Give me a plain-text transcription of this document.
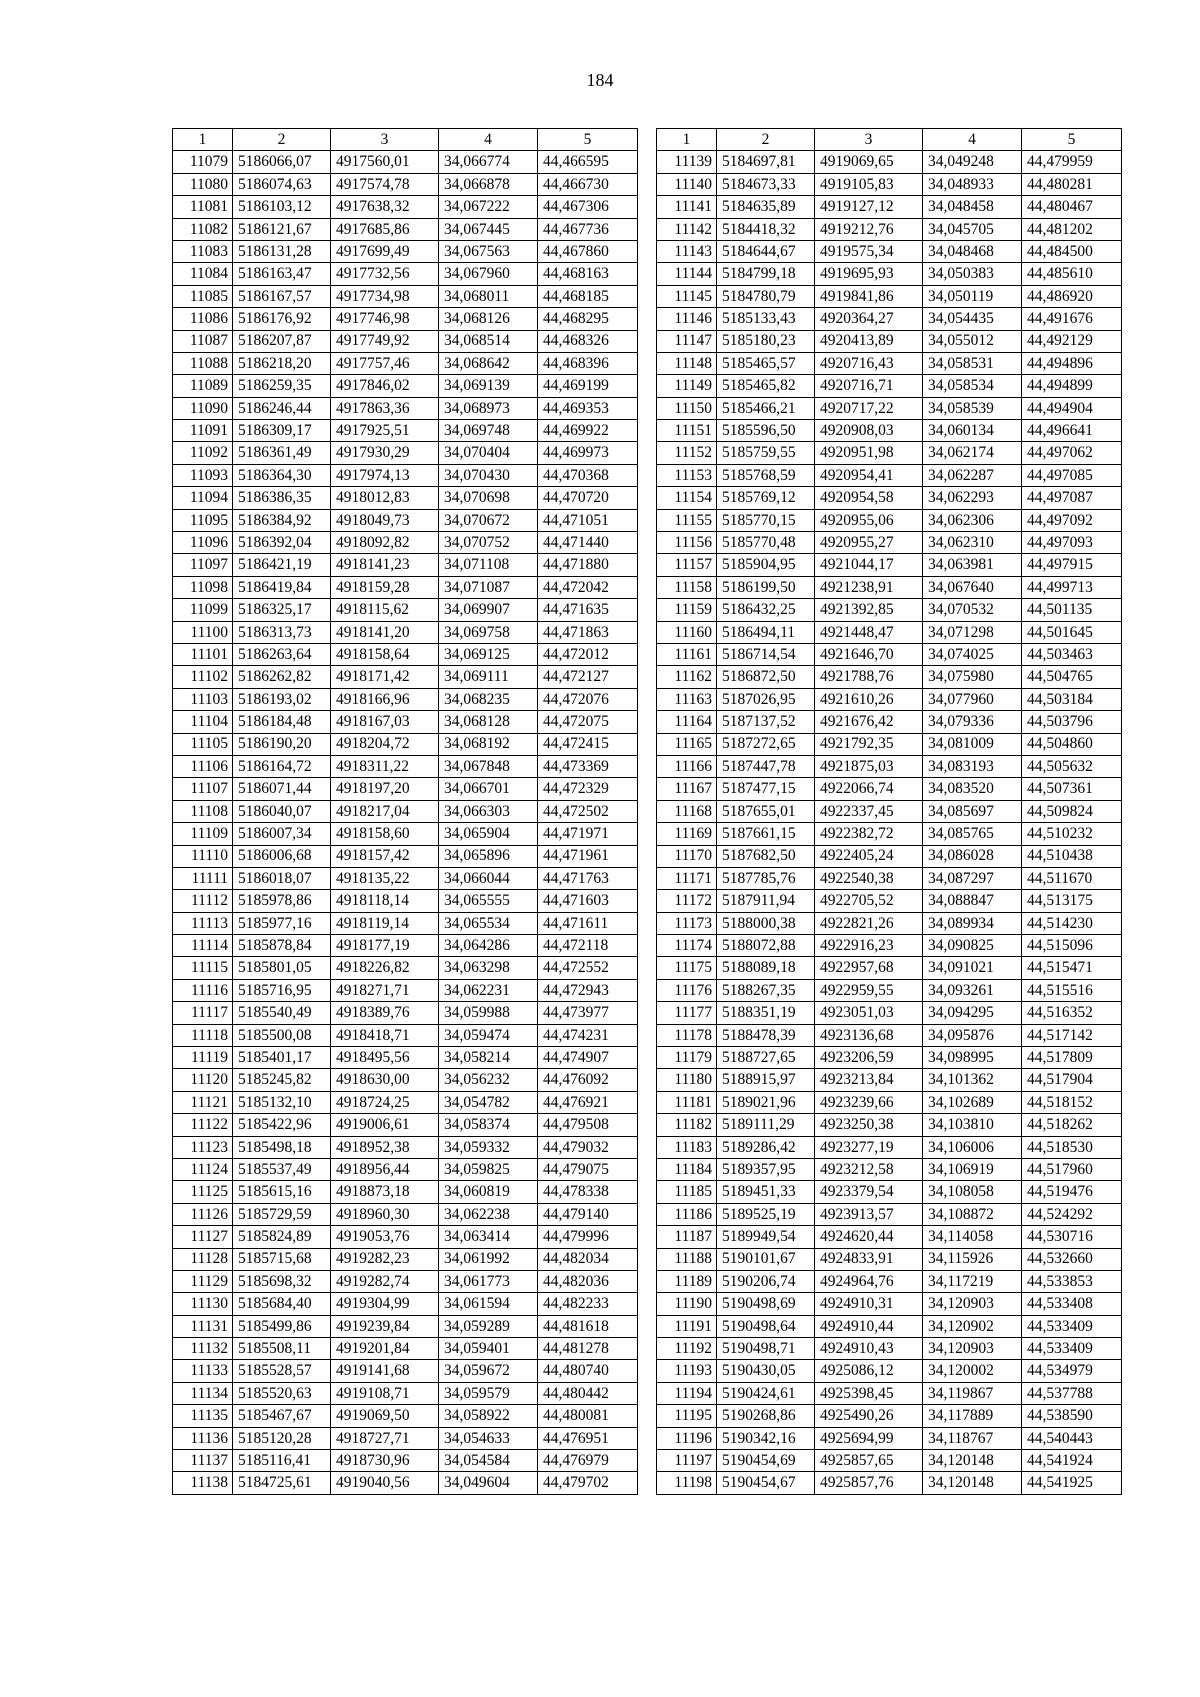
184
1	2	3	4	5
11079	5186066,07	4917560,01	34,066774	44,466595
11080	5186074,63	4917574,78	34,066878	44,466730
11081	5186103,12	4917638,32	34,067222	44,467306
11082	5186121,67	4917685,86	34,067445	44,467736
11083	5186131,28	4917699,49	34,067563	44,467860
11084	5186163,47	4917732,56	34,067960	44,468163
11085	5186167,57	4917734,98	34,068011	44,468185
11086	5186176,92	4917746,98	34,068126	44,468295
11087	5186207,87	4917749,92	34,068514	44,468326
11088	5186218,20	4917757,46	34,068642	44,468396
11089	5186259,35	4917846,02	34,069139	44,469199
11090	5186246,44	4917863,36	34,068973	44,469353
11091	5186309,17	4917925,51	34,069748	44,469922
11092	5186361,49	4917930,29	34,070404	44,469973
11093	5186364,30	4917974,13	34,070430	44,470368
11094	5186386,35	4918012,83	34,070698	44,470720
11095	5186384,92	4918049,73	34,070672	44,471051
11096	5186392,04	4918092,82	34,070752	44,471440
11097	5186421,19	4918141,23	34,071108	44,471880
11098	5186419,84	4918159,28	34,071087	44,472042
11099	5186325,17	4918115,62	34,069907	44,471635
11100	5186313,73	4918141,20	34,069758	44,471863
11101	5186263,64	4918158,64	34,069125	44,472012
11102	5186262,82	4918171,42	34,069111	44,472127
11103	5186193,02	4918166,96	34,068235	44,472076
11104	5186184,48	4918167,03	34,068128	44,472075
11105	5186190,20	4918204,72	34,068192	44,472415
11106	5186164,72	4918311,22	34,067848	44,473369
11107	5186071,44	4918197,20	34,066701	44,472329
11108	5186040,07	4918217,04	34,066303	44,472502
11109	5186007,34	4918158,60	34,065904	44,471971
11110	5186006,68	4918157,42	34,065896	44,471961
11111	5186018,07	4918135,22	34,066044	44,471763
11112	5185978,86	4918118,14	34,065555	44,471603
11113	5185977,16	4918119,14	34,065534	44,471611
11114	5185878,84	4918177,19	34,064286	44,472118
11115	5185801,05	4918226,82	34,063298	44,472552
11116	5185716,95	4918271,71	34,062231	44,472943
11117	5185540,49	4918389,76	34,059988	44,473977
11118	5185500,08	4918418,71	34,059474	44,474231
11119	5185401,17	4918495,56	34,058214	44,474907
11120	5185245,82	4918630,00	34,056232	44,476092
11121	5185132,10	4918724,25	34,054782	44,476921
11122	5185422,96	4919006,61	34,058374	44,479508
11123	5185498,18	4918952,38	34,059332	44,479032
11124	5185537,49	4918956,44	34,059825	44,479075
11125	5185615,16	4918873,18	34,060819	44,478338
11126	5185729,59	4918960,30	34,062238	44,479140
11127	5185824,89	4919053,76	34,063414	44,479996
11128	5185715,68	4919282,23	34,061992	44,482034
11129	5185698,32	4919282,74	34,061773	44,482036
11130	5185684,40	4919304,99	34,061594	44,482233
11131	5185499,86	4919239,84	34,059289	44,481618
11132	5185508,11	4919201,84	34,059401	44,481278
11133	5185528,57	4919141,68	34,059672	44,480740
11134	5185520,63	4919108,71	34,059579	44,480442
11135	5185467,67	4919069,50	34,058922	44,480081
11136	5185120,28	4918727,71	34,054633	44,476951
11137	5185116,41	4918730,96	34,054584	44,476979
11138	5184725,61	4919040,56	34,049604	44,479702
1	2	3	4	5
11139	5184697,81	4919069,65	34,049248	44,479959
11140	5184673,33	4919105,83	34,048933	44,480281
11141	5184635,89	4919127,12	34,048458	44,480467
11142	5184418,32	4919212,76	34,045705	44,481202
11143	5184644,67	4919575,34	34,048468	44,484500
11144	5184799,18	4919695,93	34,050383	44,485610
11145	5184780,79	4919841,86	34,050119	44,486920
11146	5185133,43	4920364,27	34,054435	44,491676
11147	5185180,23	4920413,89	34,055012	44,492129
11148	5185465,57	4920716,43	34,058531	44,494896
11149	5185465,82	4920716,71	34,058534	44,494899
11150	5185466,21	4920717,22	34,058539	44,494904
11151	5185596,50	4920908,03	34,060134	44,496641
11152	5185759,55	4920951,98	34,062174	44,497062
11153	5185768,59	4920954,41	34,062287	44,497085
11154	5185769,12	4920954,58	34,062293	44,497087
11155	5185770,15	4920955,06	34,062306	44,497092
11156	5185770,48	4920955,27	34,062310	44,497093
11157	5185904,95	4921044,17	34,063981	44,497915
11158	5186199,50	4921238,91	34,067640	44,499713
11159	5186432,25	4921392,85	34,070532	44,501135
11160	5186494,11	4921448,47	34,071298	44,501645
11161	5186714,54	4921646,70	34,074025	44,503463
11162	5186872,50	4921788,76	34,075980	44,504765
11163	5187026,95	4921610,26	34,077960	44,503184
11164	5187137,52	4921676,42	34,079336	44,503796
11165	5187272,65	4921792,35	34,081009	44,504860
11166	5187447,78	4921875,03	34,083193	44,505632
11167	5187477,15	4922066,74	34,083520	44,507361
11168	5187655,01	4922337,45	34,085697	44,509824
11169	5187661,15	4922382,72	34,085765	44,510232
11170	5187682,50	4922405,24	34,086028	44,510438
11171	5187785,76	4922540,38	34,087297	44,511670
11172	5187911,94	4922705,52	34,088847	44,513175
11173	5188000,38	4922821,26	34,089934	44,514230
11174	5188072,88	4922916,23	34,090825	44,515096
11175	5188089,18	4922957,68	34,091021	44,515471
11176	5188267,35	4922959,55	34,093261	44,515516
11177	5188351,19	4923051,03	34,094295	44,516352
11178	5188478,39	4923136,68	34,095876	44,517142
11179	5188727,65	4923206,59	34,098995	44,517809
11180	5188915,97	4923213,84	34,101362	44,517904
11181	5189021,96	4923239,66	34,102689	44,518152
11182	5189111,29	4923250,38	34,103810	44,518262
11183	5189286,42	4923277,19	34,106006	44,518530
11184	5189357,95	4923212,58	34,106919	44,517960
11185	5189451,33	4923379,54	34,108058	44,519476
11186	5189525,19	4923913,57	34,108872	44,524292
11187	5189949,54	4924620,44	34,114058	44,530716
11188	5190101,67	4924833,91	34,115926	44,532660
11189	5190206,74	4924964,76	34,117219	44,533853
11190	5190498,69	4924910,31	34,120903	44,533408
11191	5190498,64	4924910,44	34,120902	44,533409
11192	5190498,71	4924910,43	34,120903	44,533409
11193	5190430,05	4925086,12	34,120002	44,534979
11194	5190424,61	4925398,45	34,119867	44,537788
11195	5190268,86	4925490,26	34,117889	44,538590
11196	5190342,16	4925694,99	34,118767	44,540443
11197	5190454,69	4925857,65	34,120148	44,541924
11198	5190454,67	4925857,76	34,120148	44,541925
